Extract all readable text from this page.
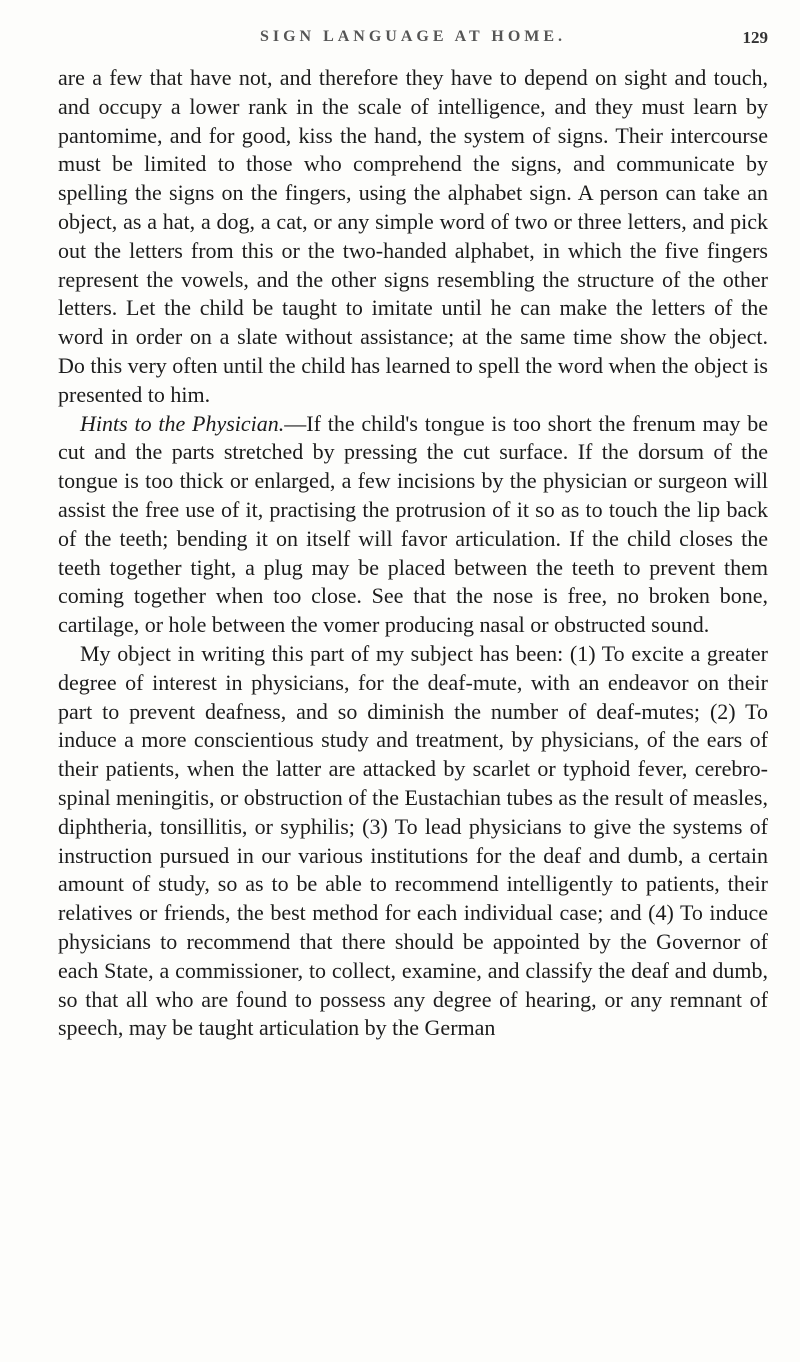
SIGN LANGUAGE AT HOME.	129

are a few that have not, and therefore they have to depend on sight and touch, and occupy a lower rank in the scale of intelligence, and they must learn by pantomime, and for good, kiss the hand, the system of signs. Their intercourse must be limited to those who comprehend the signs, and communicate by spelling the signs on the fingers, using the alphabet sign. A person can take an object, as a hat, a dog, a cat, or any simple word of two or three letters, and pick out the letters from this or the two-handed alphabet, in which the five fingers represent the vowels, and the other signs resembling the structure of the other letters. Let the child be taught to imitate until he can make the letters of the word in order on a slate without assistance; at the same time show the object. Do this very often until the child has learned to spell the word when the object is presented to him.

Hints to the Physician.—If the child's tongue is too short the frenum may be cut and the parts stretched by pressing the cut surface. If the dorsum of the tongue is too thick or enlarged, a few incisions by the physician or surgeon will assist the free use of it, practising the protrusion of it so as to touch the lip back of the teeth; bending it on itself will favor articulation. If the child closes the teeth together tight, a plug may be placed between the teeth to prevent them coming together when too close. See that the nose is free, no broken bone, cartilage, or hole between the vomer producing nasal or obstructed sound.

My object in writing this part of my subject has been: (1) To excite a greater degree of interest in physicians, for the deaf-mute, with an endeavor on their part to prevent deafness, and so diminish the number of deaf-mutes; (2) To induce a more conscientious study and treatment, by physicians, of the ears of their patients, when the latter are attacked by scarlet or typhoid fever, cerebro-spinal meningitis, or obstruction of the Eustachian tubes as the result of measles, diphtheria, tonsillitis, or syphilis; (3) To lead physicians to give the systems of instruction pursued in our various institutions for the deaf and dumb, a certain amount of study, so as to be able to recommend intelligently to patients, their relatives or friends, the best method for each individual case; and (4) To induce physicians to recommend that there should be appointed by the Governor of each State, a commissioner, to collect, examine, and classify the deaf and dumb, so that all who are found to possess any degree of hearing, or any remnant of speech, may be taught articulation by the German
